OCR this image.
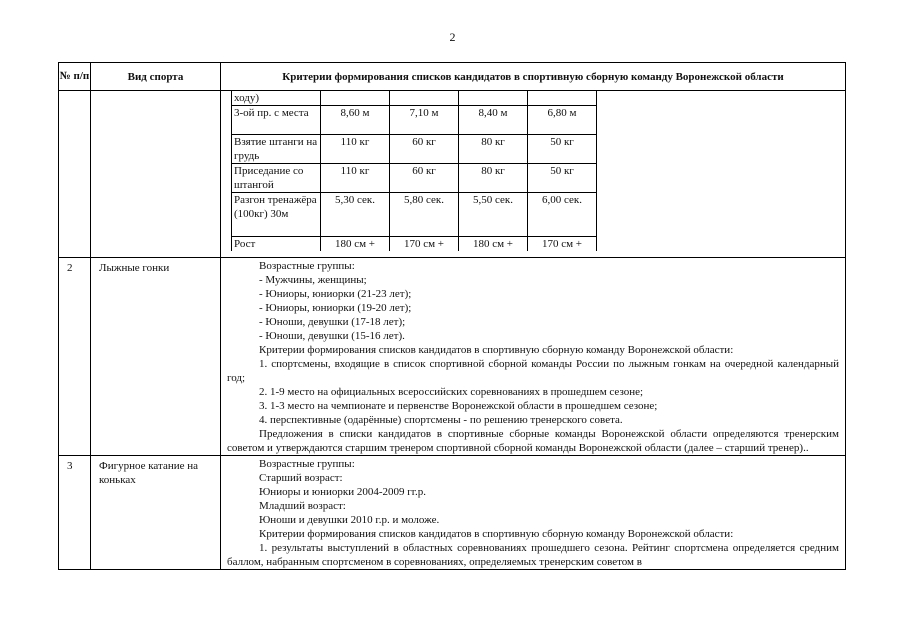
2
№ п/п	Вид спорта	Критерии формирования списков кандидатов в спортивную сборную команду Воронежской области

ходу)				
3-ой пр. с места	8,60 м	7,10 м	8,40 м	6,80 м
Взятие штанги на грудь	110 кг	60 кг	80 кг	50 кг
Приседание со штангой	110 кг	60 кг	80 кг	50 кг
Разгон тренажёра (100кг) 30м	5,30 сек.	5,80 сек.	5,50 сек.	6,00 сек.
Рост	180 см +	170 см +	180 см +	170 см +

2	Лыжные гонки	Возрастные группы:

- Мужчины, женщины;

- Юниоры, юниорки (21-23 лет);

- Юниоры, юниорки (19-20 лет);

- Юноши, девушки (17-18 лет);

- Юноши, девушки (15-16 лет).

Критерии формирования списков кандидатов в спортивную сборную команду Воронежской области:

1. спортсмены, входящие в список спортивной сборной команды России по лыжным гонкам на очередной календарный год;

2. 1-9 место на официальных всероссийских соревнованиях в прошедшем сезоне;

3. 1-3 место на чемпионате и первенстве Воронежской области в прошедшем сезоне;

4. перспективные (одарённые) спортсмены - по решению тренерского совета.

Предложения в списки кандидатов в спортивные сборные команды Воронежской области определяются тренерским советом и утверждаются старшим тренером спортивной сборной команды Воронежской области (далее – старший тренер)..

3	Фигурное катание на коньках	

Возрастные группы:

Старший возраст:

Юниоры и юниорки 2004-2009 гг.р.

Младший возраст:

Юноши и девушки 2010 г.р. и моложе.

Критерии формирования списков кандидатов в спортивную сборную команду Воронежской области:

1. результаты выступлений в областных соревнованиях прошедшего сезона. Рейтинг спортсмена определяется средним баллом, набранным спортсменом в соревнованиях, определяемых тренерским советом в
